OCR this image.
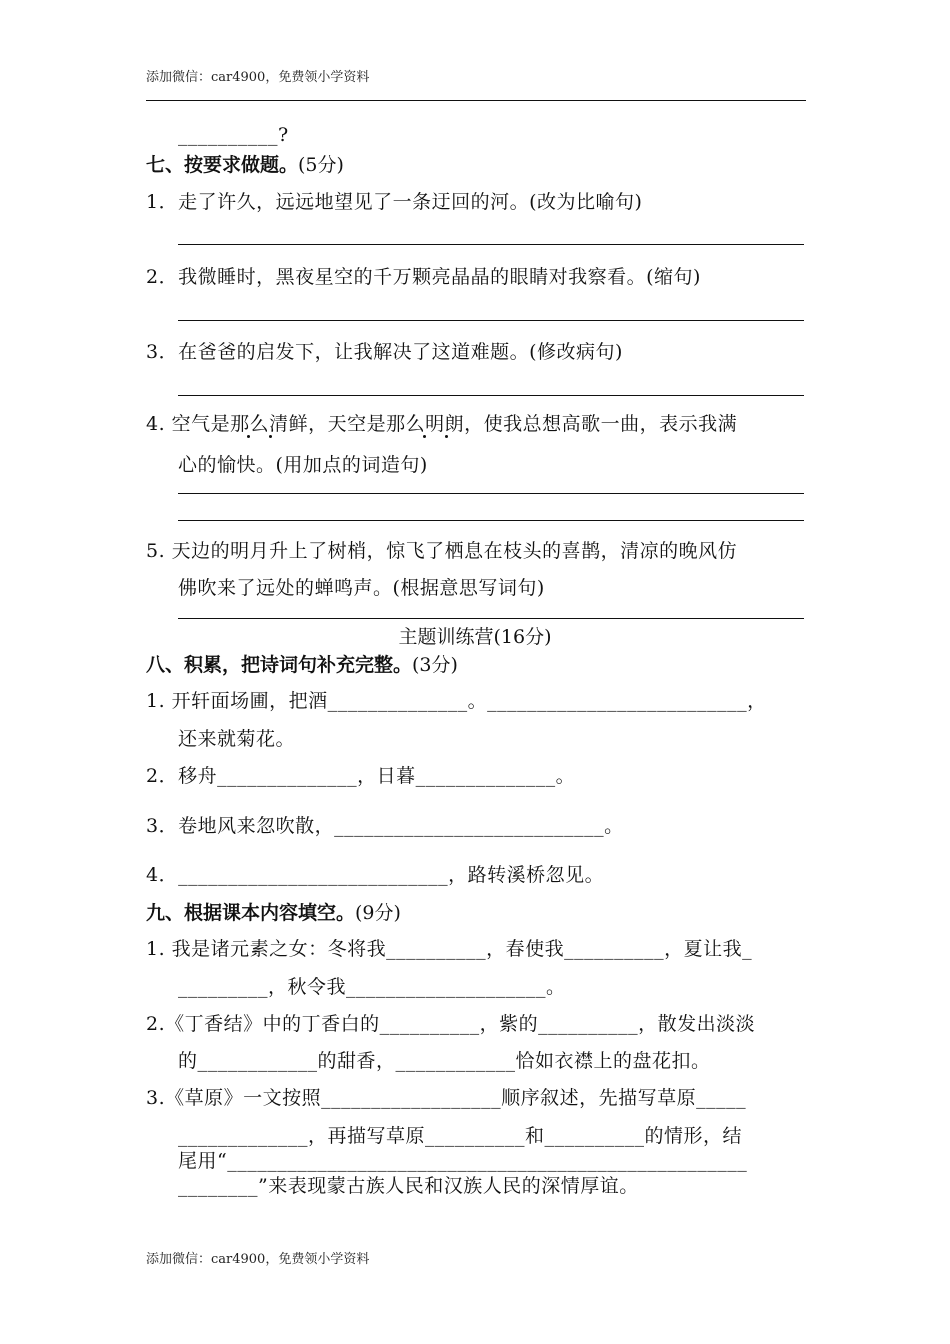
添加微信：car4900，免费领小学资料
__________?
七、按要求做题。(5分)
1．走了许久，远远地望见了一条迂回的河。(改为比喻句)
2．我微睡时，黑夜星空的千万颗亮晶晶的眼睛对我察看。(缩句)
3．在爸爸的启发下，让我解决了这道难题。(修改病句)
4. 空气是那么清鲜，天空是那么明朗，使我总想高歌一曲，表示我满
心的愉快。(用加点的词造句)
5. 天边的明月升上了树梢，惊飞了栖息在枝头的喜鹊，清凉的晚风仿
佛吹来了远处的蝉鸣声。(根据意思写词句)
主题训练营(16分)
八、积累，把诗词句补充完整。(3分)
1. 开轩面场圃，把酒______________。__________________________，
还来就菊花。
2．移舟______________，日暮______________。
3．卷地风来忽吹散，___________________________。
4．___________________________，路转溪桥忽见。
九、根据课本内容填空。(9分)
1. 我是诸元素之女：冬将我__________，春使我__________，夏让我_
_________，秋令我____________________。
2.《丁香结》中的丁香白的__________，紫的__________，散发出淡淡
的____________的甜香，____________恰如衣襟上的盘花扣。
3.《草原》一文按照__________________顺序叙述，先描写草原_____
_____________，再描写草原__________和__________的情形，结
尾用“____________________________________________________
________”来表现蒙古族人民和汉族人民的深情厚谊。
添加微信：car4900，免费领小学资料
